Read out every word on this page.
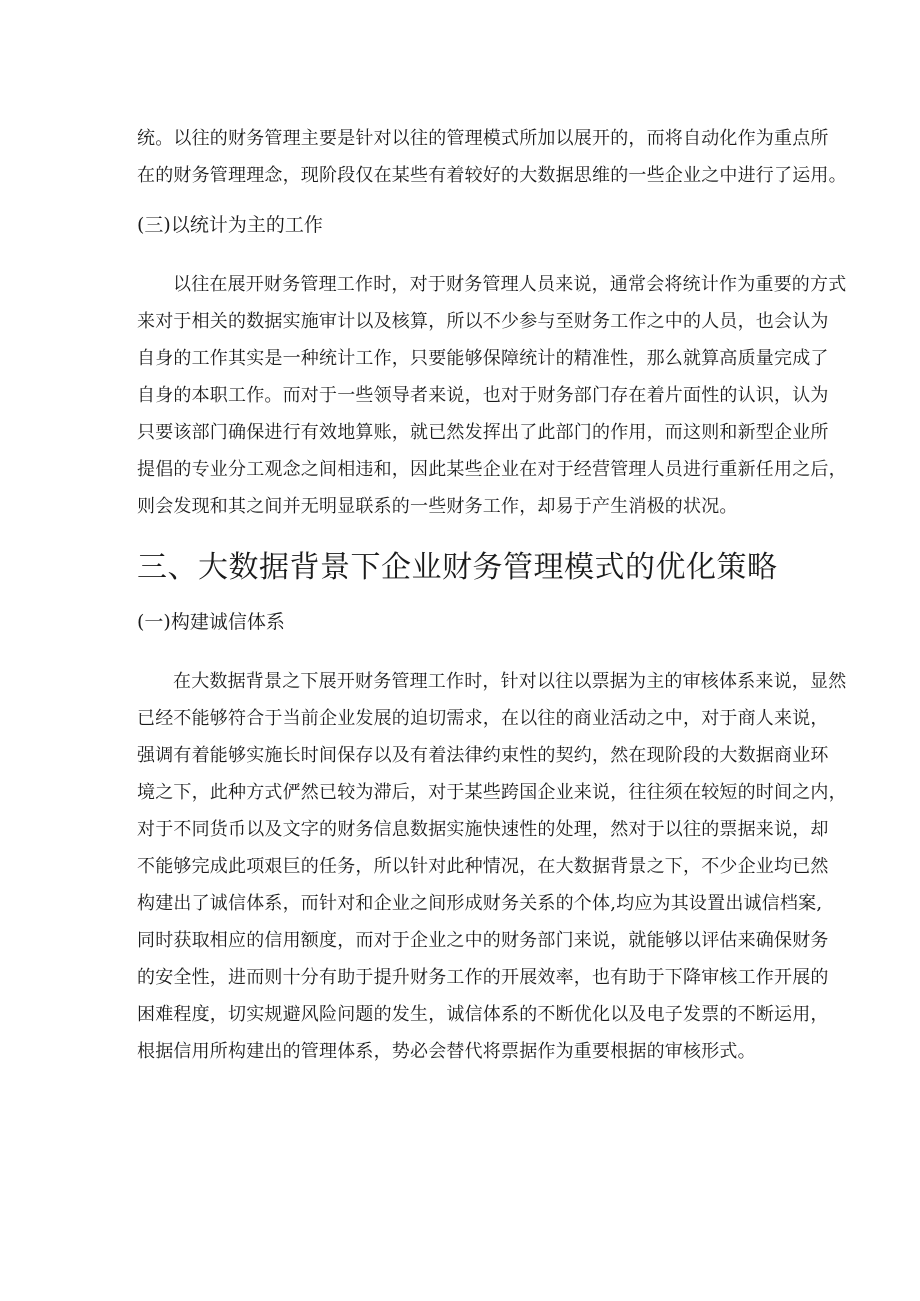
统。以往的财务管理主要是针对以往的管理模式所加以展开的，而将自动化作为重点所
在的财务管理理念，现阶段仅在某些有着较好的大数据思维的一些企业之中进行了运用。
(三)以统计为主的工作
以往在展开财务管理工作时，对于财务管理人员来说，通常会将统计作为重要的方式
来对于相关的数据实施审计以及核算，所以不少参与至财务工作之中的人员，也会认为
自身的工作其实是一种统计工作，只要能够保障统计的精准性，那么就算高质量完成了
自身的本职工作。而对于一些领导者来说，也对于财务部门存在着片面性的认识，认为
只要该部门确保进行有效地算账，就已然发挥出了此部门的作用，而这则和新型企业所
提倡的专业分工观念之间相违和，因此某些企业在对于经营管理人员进行重新任用之后，
则会发现和其之间并无明显联系的一些财务工作，却易于产生消极的状况。
三、大数据背景下企业财务管理模式的优化策略
(一)构建诚信体系
在大数据背景之下展开财务管理工作时，针对以往以票据为主的审核体系来说，显然
已经不能够符合于当前企业发展的迫切需求，在以往的商业活动之中，对于商人来说，
强调有着能够实施长时间保存以及有着法律约束性的契约，然在现阶段的大数据商业环
境之下，此种方式俨然已较为滞后，对于某些跨国企业来说，往往须在较短的时间之内，
对于不同货币以及文字的财务信息数据实施快速性的处理，然对于以往的票据来说，却
不能够完成此项艰巨的任务，所以针对此种情况，在大数据背景之下，不少企业均已然
构建出了诚信体系，而针对和企业之间形成财务关系的个体,均应为其设置出诚信档案,
同时获取相应的信用额度，而对于企业之中的财务部门来说，就能够以评估来确保财务
的安全性，进而则十分有助于提升财务工作的开展效率，也有助于下降审核工作开展的
困难程度，切实规避风险问题的发生，诚信体系的不断优化以及电子发票的不断运用，
根据信用所构建出的管理体系，势必会替代将票据作为重要根据的审核形式。
